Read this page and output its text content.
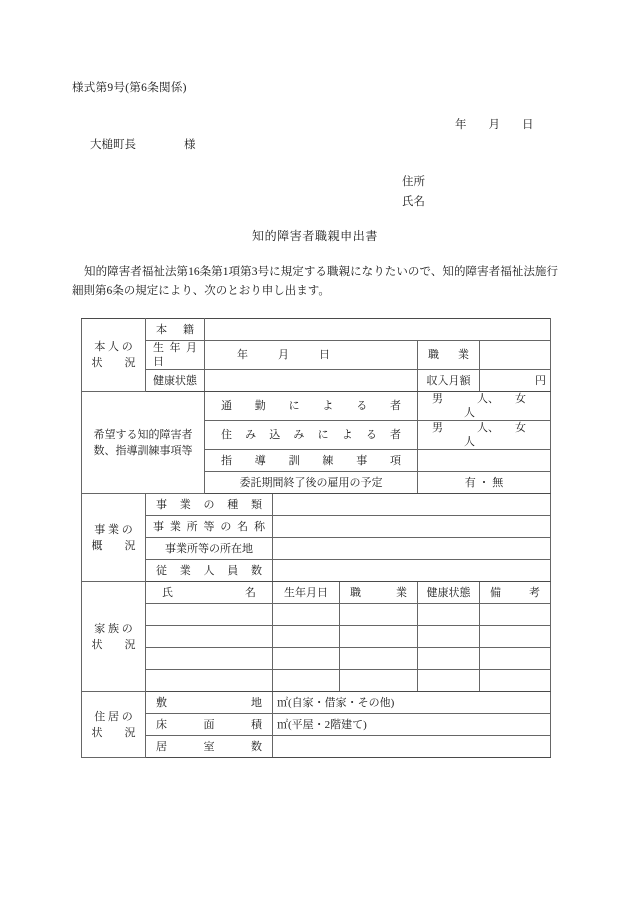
様式第9号(第6条関係)
年 月 日
大槌町長	様
住所
氏名
知的障害者職親申出書
知的障害者福祉法第16条第1項第3号に規定する職親になりたいので、知的障害者福祉法施行細則第6条の規定により、次のとおり申し出ます。
本 人 の
状　　況	本　籍					

	生 年 月 日	年 月 日			職　業	

	健康状態				収入月額	円
希望する知的障害者
数、指導訓練事項等		通 勤 に よ る 者			男 人、 女人	

		住 み 込 み に よ る 者			男 人、 女人	

		指 導 訓 練 事 項				

		委託期間終了後の雇用の予定			有 ・ 無	
事 業 の
概　　況	事 業 の 種 類					

	事 業 所 等 の 名 称					

	事業所等の所在地					

	従 業 人 員 数					

家 族 の
状　　況	氏　　名		生年月日	職　業	健康状態	備　考

住 居 の
状　　況	敷　　地		㎡(自家・借家・その他)			

	床 　面 　積		㎡(平屋・2階建て)			

	居 　室 　数					
